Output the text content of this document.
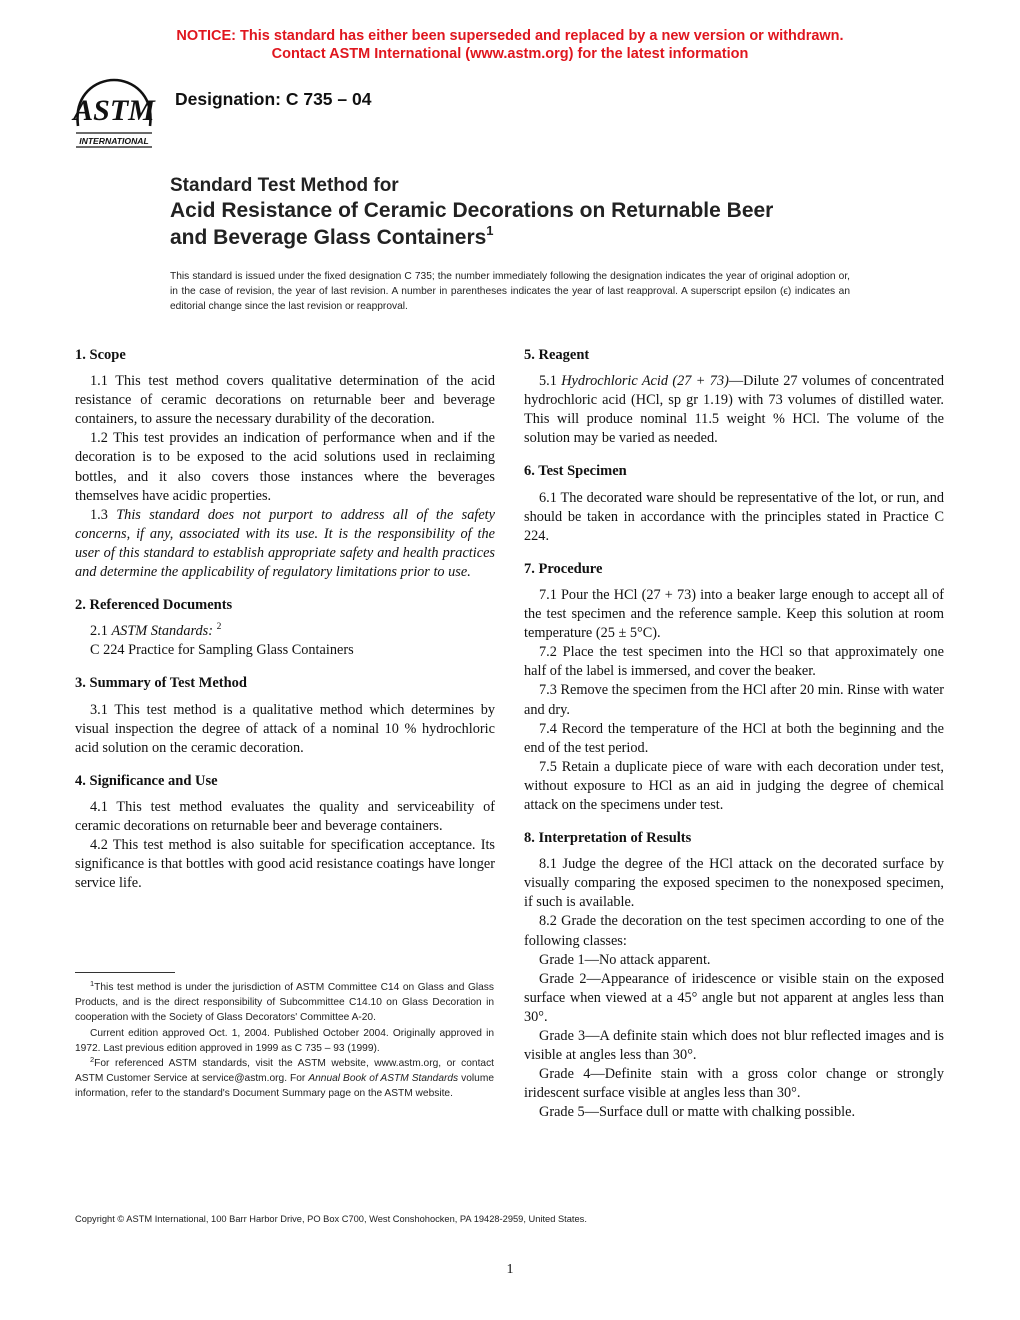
NOTICE: This standard has either been superseded and replaced by a new version or withdrawn.
Contact ASTM International (www.astm.org) for the latest information
ASTM
INTERNATIONAL
Designation: C 735 – 04
Standard Test Method for
Acid Resistance of Ceramic Decorations on Returnable Beer
and Beverage Glass Containers$^1$
This standard is issued under the fixed designation C 735; the number immediately following the designation indicates the year of original adoption or, in the case of revision, the year of last revision. A number in parentheses indicates the year of last reapproval. A superscript epsilon (ϵ) indicates an editorial change since the last revision or reapproval.
1. Scope

1.1 This test method covers qualitative determination of the acid resistance of ceramic decorations on returnable beer and beverage containers, to assure the necessary durability of the decoration.

1.2 This test provides an indication of performance when and if the decoration is to be exposed to the acid solutions used in reclaiming bottles, and it also covers those instances where the beverages themselves have acidic properties.

1.3 This standard does not purport to address all of the safety concerns, if any, associated with its use. It is the responsibility of the user of this standard to establish appropriate safety and health practices and determine the applicability of regulatory limitations prior to use.

2. Referenced Documents

2.1 ASTM Standards: $^2$

C 224 Practice for Sampling Glass Containers

3. Summary of Test Method

3.1 This test method is a qualitative method which determines by visual inspection the degree of attack of a nominal 10 % hydrochloric acid solution on the ceramic decoration.

4. Significance and Use

4.1 This test method evaluates the quality and serviceability of ceramic decorations on returnable beer and beverage containers.

4.2 This test method is also suitable for specification acceptance. Its significance is that bottles with good acid resistance coatings have longer service life.

5. Reagent

5.1 Hydrochloric Acid (27 + 73)—Dilute 27 volumes of concentrated hydrochloric acid (HCl, sp gr 1.19) with 73 volumes of distilled water. This will produce nominal 11.5 weight % HCl. The volume of the solution may be varied as needed.

6. Test Specimen

6.1 The decorated ware should be representative of the lot, or run, and should be taken in accordance with the principles stated in Practice C 224.

7. Procedure

7.1 Pour the HCl (27 + 73) into a beaker large enough to accept all of the test specimen and the reference sample. Keep this solution at room temperature (25 ± 5°C).

7.2 Place the test specimen into the HCl so that approximately one half of the label is immersed, and cover the beaker.

7.3 Remove the specimen from the HCl after 20 min. Rinse with water and dry.

7.4 Record the temperature of the HCl at both the beginning and the end of the test period.

7.5 Retain a duplicate piece of ware with each decoration under test, without exposure to HCl as an aid in judging the degree of chemical attack on the specimens under test.

8. Interpretation of Results

8.1 Judge the degree of the HCl attack on the decorated surface by visually comparing the exposed specimen to the nonexposed specimen, if such is available.

8.2 Grade the decoration on the test specimen according to one of the following classes:

Grade 1—No attack apparent.

Grade 2—Appearance of iridescence or visible stain on the exposed surface when viewed at a 45° angle but not apparent at angles less than 30°.

Grade 3—A definite stain which does not blur reflected images and is visible at angles less than 30°.

Grade 4—Definite stain with a gross color change or strongly iridescent surface visible at angles less than 30°.

Grade 5—Surface dull or matte with chalking possible.

$^1$This test method is under the jurisdiction of ASTM Committee C14 on Glass and Glass Products, and is the direct responsibility of Subcommittee C14.10 on Glass Decoration in cooperation with the Society of Glass Decorators' Committee A-20.

Current edition approved Oct. 1, 2004. Published October 2004. Originally approved in 1972. Last previous edition approved in 1999 as C 735 – 93 (1999).

$^2$For referenced ASTM standards, visit the ASTM website, www.astm.org, or contact ASTM Customer Service at service@astm.org. For Annual Book of ASTM Standards volume information, refer to the standard's Document Summary page on the ASTM website.

Copyright © ASTM International, 100 Barr Harbor Drive, PO Box C700, West Conshohocken, PA 19428-2959, United States.
1
